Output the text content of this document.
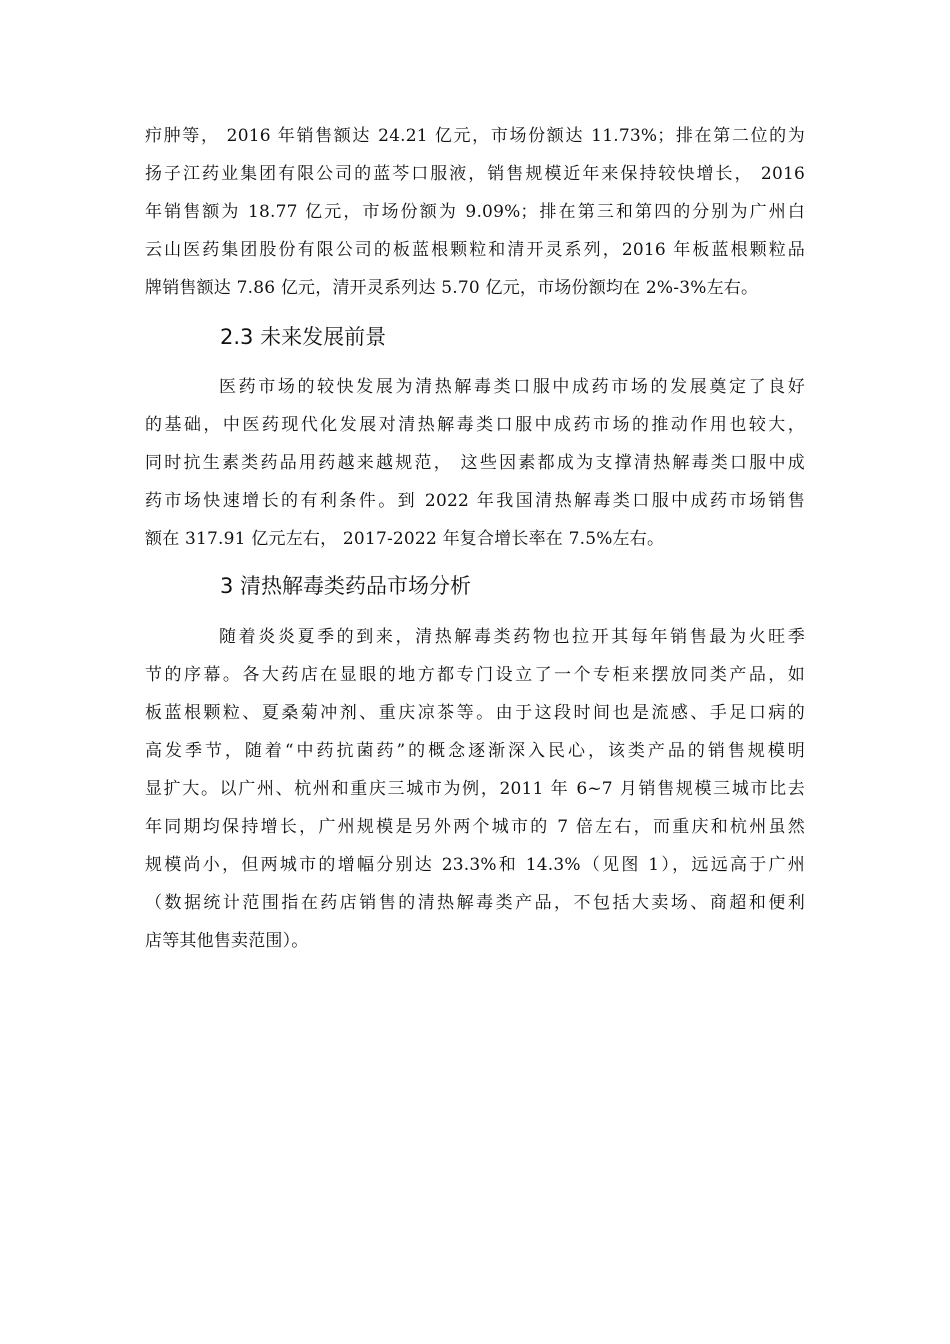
疖肿等， 2016 年销售额达 24.21 亿元，市场份额达 11.73%；排在第二位的为
扬子江药业集团有限公司的蓝芩口服液，销售规模近年来保持较快增长， 2016
年销售额为 18.77 亿元，市场份额为 9.09%；排在第三和第四的分别为广州白
云山医药集团股份有限公司的板蓝根颗粒和清开灵系列，2016 年板蓝根颗粒品
牌销售额达 7.86 亿元，清开灵系列达 5.70 亿元，市场份额均在 2%-3%左右。
2.3 未来发展前景
医药市场的较快发展为清热解毒类口服中成药市场的发展奠定了良好
的基础，中医药现代化发展对清热解毒类口服中成药市场的推动作用也较大，
同时抗生素类药品用药越来越规范， 这些因素都成为支撑清热解毒类口服中成
药市场快速增长的有利条件。到 2022 年我国清热解毒类口服中成药市场销售
额在 317.91 亿元左右， 2017-2022 年复合增长率在 7.5%左右。
3 清热解毒类药品市场分析
随着炎炎夏季的到来，清热解毒类药物也拉开其每年销售最为火旺季
节的序幕。各大药店在显眼的地方都专门设立了一个专柜来摆放同类产品，如
板蓝根颗粒、夏桑菊冲剂、重庆凉茶等。由于这段时间也是流感、手足口病的
高发季节，随着“中药抗菌药”的概念逐渐深入民心，该类产品的销售规模明
显扩大。以广州、杭州和重庆三城市为例，2011 年 6~7 月销售规模三城市比去
年同期均保持增长，广州规模是另外两个城市的 7 倍左右，而重庆和杭州虽然
规模尚小，但两城市的增幅分别达 23.3%和 14.3%（见图 1），远远高于广州
（数据统计范围指在药店销售的清热解毒类产品，不包括大卖场、商超和便利
店等其他售卖范围）。
